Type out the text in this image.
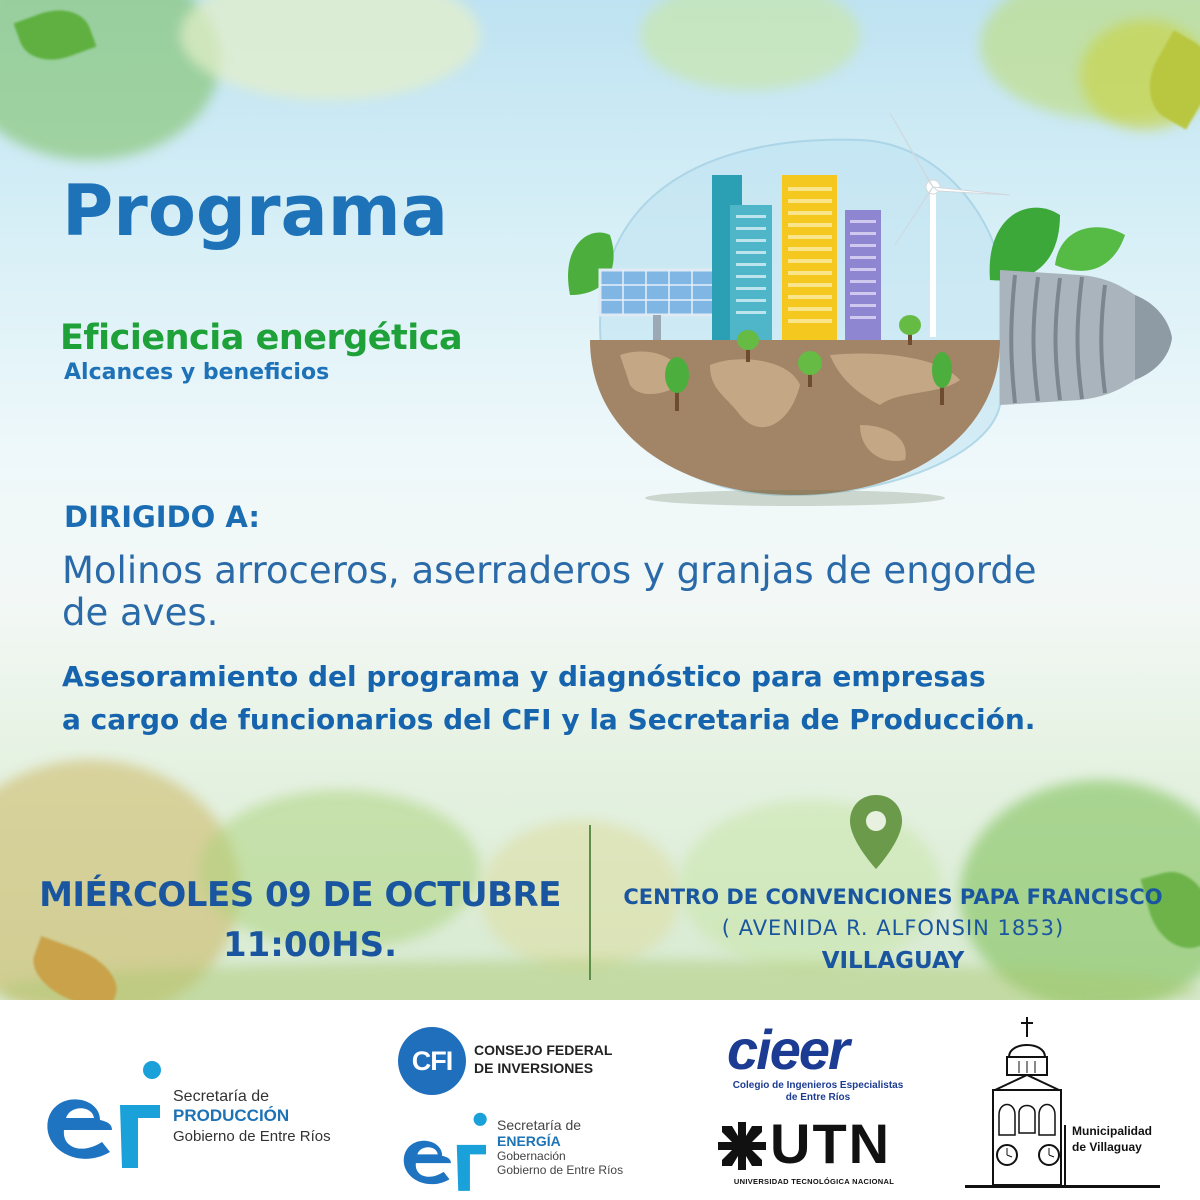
Programa
Eficiencia energética
Alcances y beneficios
DIRIGIDO A:
Molinos arroceros, aserraderos y granjas de engorde de aves.
Asesoramiento del programa y diagnóstico para empresas
a cargo de funcionarios del CFI y la Secretaria de Producción.
MIÉRCOLES 09 DE OCTUBRE
11:00HS.
CENTRO DE CONVENCIONES PAPA FRANCISCO
( AVENIDA R. ALFONSIN 1853)
VILLAGUAY
Secretaría de
PRODUCCIÓN
Gobierno de Entre Ríos
CFI	CONSEJO FEDERAL
DE INVERSIONES
Secretaría de
ENERGÍA
Gobernación
Gobierno de Entre Ríos
cieer
Colegio de Ingenieros Especialistas
de Entre Ríos
UTN
UNIVERSIDAD TECNOLÓGICA NACIONAL
Municipalidad
de Villaguay
